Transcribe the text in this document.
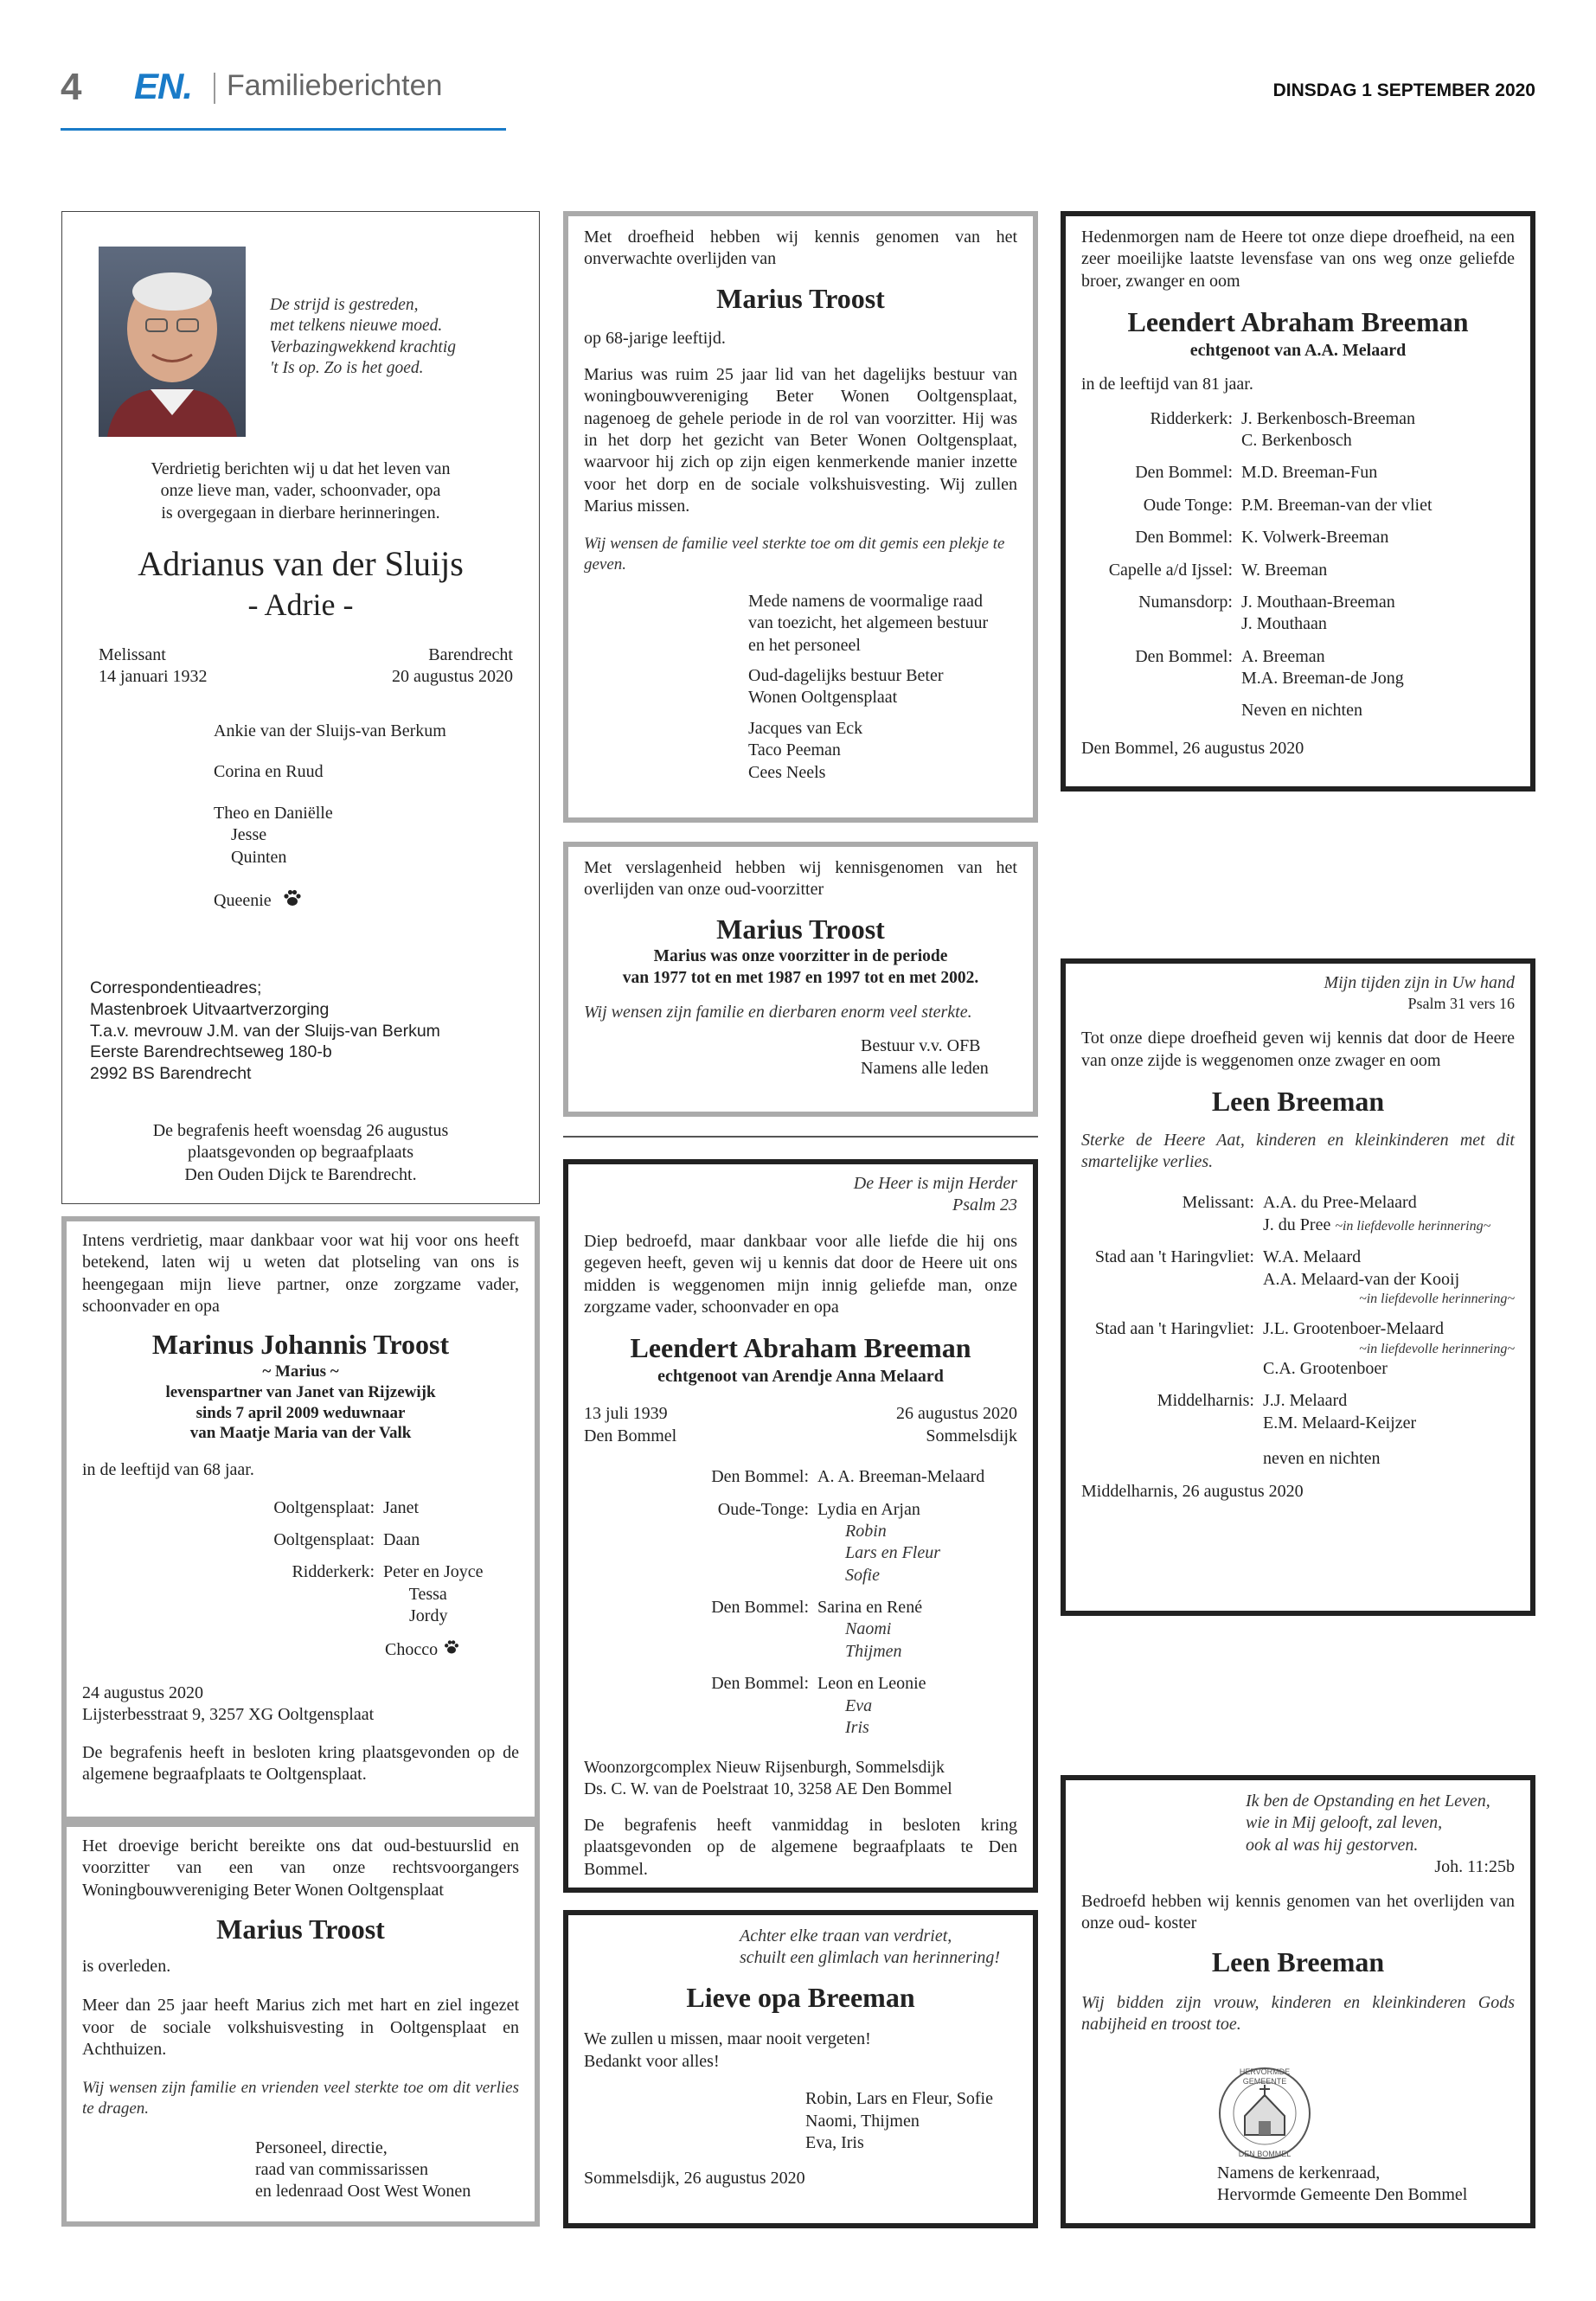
4 EN. Familieberichten	DINSDAG 1 SEPTEMBER 2020
De strijd is gestreden,
met telkens nieuwe moed.
Verbazingwekkend krachtig
't Is op. Zo is het goed.

Verdrietig berichten wij u dat het leven van
onze lieve man, vader, schoonvader, opa
is overgegaan in dierbare herinneringen.

Adrianus van der Sluijs
- Adrie -
Melissant
14 januari 1932
Barendrecht
20 augustus 2020
Ankie van der Sluijs-van Berkum
Corina en Ruud
Theo en Daniëlle
Jesse
Quinten
Queenie

Correspondentieadres;
Mastenbroek Uitvaartverzorging
T.a.v. mevrouw J.M. van der Sluijs-van Berkum
Eerste Barendrechtseweg 180-b
2992 BS Barendrecht

De begrafenis heeft woensdag 26 augustus
plaatsgevonden op begraafplaats
Den Ouden Dijck te Barendrecht.

Intens verdrietig, maar dankbaar voor wat hij voor ons heeft betekend, laten wij u weten dat plotseling van ons is heengegaan mijn lieve partner, onze zorgzame vader, schoonvader en opa

Marinus Johannis Troost

~ Marius ~
levenspartner van Janet van Rijzewijk
sinds 7 april 2009 weduwnaar
van Maatje Maria van der Valk

in de leeftijd van 68 jaar.

Ooltgensplaat: Janet
Ooltgensplaat: Daan
Ridderkerk: Peter en Joyce
Tessa
Jordy
Chocco

24 augustus 2020
Lijsterbesstraat 9, 3257 XG Ooltgensplaat

De begrafenis heeft in besloten kring plaatsgevonden op de algemene begraafplaats te Ooltgensplaat.

Het droevige bericht bereikte ons dat oud-bestuurslid en voorzitter van een van onze rechtsvoorgangers Woningbouwvereniging Beter Wonen Ooltgensplaat

Marius Troost

is overleden.

Meer dan 25 jaar heeft Marius zich met hart en ziel ingezet voor de sociale volkshuisvesting in Ooltgensplaat en Achthuizen.

Wij wensen zijn familie en vrienden veel sterkte toe om dit verlies te dragen.

Personeel, directie,
raad van commissarissen
en ledenraad Oost West Wonen

Met droefheid hebben wij kennis genomen van het onverwachte overlijden van

Marius Troost

op 68-jarige leeftijd.

Marius was ruim 25 jaar lid van het dagelijks bestuur van woningbouwvereniging Beter Wonen Ooltgensplaat, nagenoeg de gehele periode in de rol van voorzitter. Hij was in het dorp het gezicht van Beter Wonen Ooltgensplaat, waarvoor hij zich op zijn eigen kenmerkende manier inzette voor het dorp en de sociale volkshuisvesting. Wij zullen Marius missen.

Wij wensen de familie veel sterkte toe om dit gemis een plekje te geven.

Mede namens de voormalige raad
van toezicht, het algemeen bestuur
en het personeel

Oud-dagelijks bestuur Beter
Wonen Ooltgensplaat

Jacques van Eck
Taco Peeman
Cees Neels

Met verslagenheid hebben wij kennisgenomen van het overlijden van onze oud-voorzitter

Marius Troost

Marius was onze voorzitter in de periode
van 1977 tot en met 1987 en 1997 tot en met 2002.

Wij wensen zijn familie en dierbaren enorm veel sterkte.

Bestuur v.v. OFB
Namens alle leden

De Heer is mijn Herder
Psalm 23

Diep bedroefd, maar dankbaar voor alle liefde die hij ons gegeven heeft, geven wij u kennis dat door de Heere uit ons midden is weggenomen mijn innig geliefde man, onze zorgzame vader, schoonvader en opa

Leendert Abraham Breeman

echtgenoot van Arendje Anna Melaard

13 juli 1939
Den Bommel
26 augustus 2020
Sommelsdijk
Den Bommel: A. A. Breeman-Melaard
Oude-Tonge: Lydia en Arjan
Robin
Lars en Fleur
Sofie
Den Bommel: Sarina en René
Naomi
Thijmen
Den Bommel: Leon en Leonie
Eva
Iris

Woonzorgcomplex Nieuw Rijsenburgh, Sommelsdijk
Ds. C. W. van de Poelstraat 10, 3258 AE Den Bommel

De begrafenis heeft vanmiddag in besloten kring plaatsgevonden op de algemene begraafplaats te Den Bommel.

Achter elke traan van verdriet,
schuilt een glimlach van herinnering!

Lieve opa Breeman

We zullen u missen, maar nooit vergeten!
Bedankt voor alles!

Robin, Lars en Fleur, Sofie
Naomi, Thijmen
Eva, Iris

Sommelsdijk, 26 augustus 2020

Hedenmorgen nam de Heere tot onze diepe droefheid, na een zeer moeilijke laatste levensfase van ons weg onze geliefde broer, zwanger en oom

Leendert Abraham Breeman

echtgenoot van A.A. Melaard

in de leeftijd van 81 jaar.

Ridderkerk: J. Berkenbosch-Breeman
C. Berkenbosch
Den Bommel: M.D. Breeman-Fun
Oude Tonge: P.M. Breeman-van der vliet
Den Bommel: K. Volwerk-Breeman
Capelle a/d Ijssel: W. Breeman
Numansdorp: J. Mouthaan-Breeman
J. Mouthaan
Den Bommel: A. Breeman
M.A. Breeman-de Jong
Neven en nichten

Den Bommel, 26 augustus 2020

Mijn tijden zijn in Uw hand

Psalm 31 vers 16

Tot onze diepe droefheid geven wij kennis dat door de Heere van onze zijde is weggenomen onze zwager en oom

Leen Breeman

Sterke de Heere Aat, kinderen en kleinkinderen met dit smartelijke verlies.

Melissant: A.A. du Pree-Melaard
J. du Pree ~in liefdevolle herinnering~
Stad aan 't Haringvliet: W.A. Melaard
A.A. Melaard-van der Kooij
~in liefdevolle herinnering~
Stad aan 't Haringvliet: J.L. Grootenboer-Melaard
~in liefdevolle herinnering~
C.A. Grootenboer
Middelharnis: J.J. Melaard
E.M. Melaard-Keijzer

neven en nichten

Middelharnis, 26 augustus 2020

Ik ben de Opstanding en het Leven,
wie in Mij gelooft, zal leven,
ook al was hij gestorven.

Joh. 11:25b

Bedroefd hebben wij kennis genomen van het overlijden van onze oud- koster

Leen Breeman

Wij bidden zijn vrouw, kinderen en kleinkinderen Gods nabijheid en troost toe.

HERVORMDE GEMEENTE
DEN BOMMEL

Namens de kerkenraad,
Hervormde Gemeente Den Bommel
